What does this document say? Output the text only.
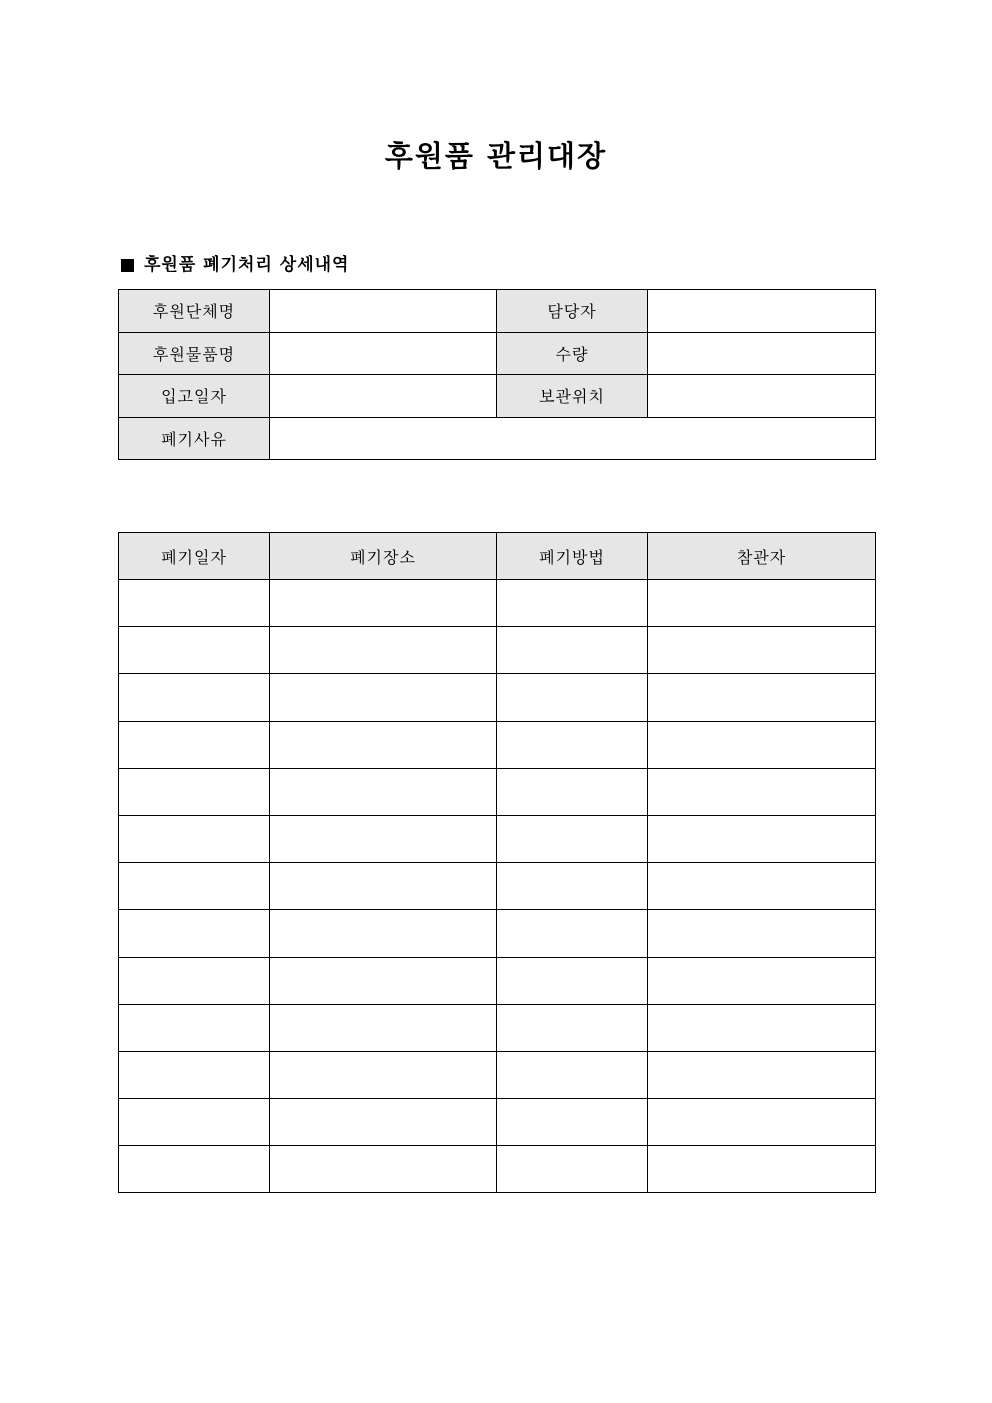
후원품 관리대장
후원품 폐기처리 상세내역
후원단체명		담당자	
후원물품명		수량	
입고일자		보관위치	
폐기사유			
폐기일자	폐기장소	폐기방법	참관자
